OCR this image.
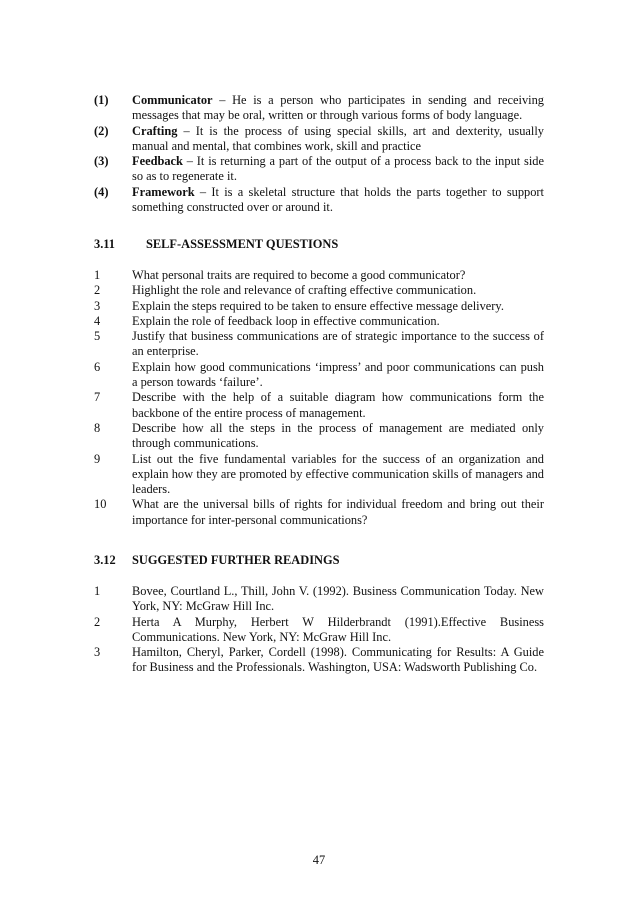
(1)	Communicator – He is a person who participates in sending and receiving messages that may be oral, written or through various forms of body language.
(2)	Crafting – It is the process of using special skills, art and dexterity, usually manual and mental, that combines work, skill and practice
(3)	Feedback – It is returning a part of the output of a process back to the input side so as to regenerate it.
(4)	Framework – It is a skeletal structure that holds the parts together to support something constructed over or around it.
3.11	SELF-ASSESSMENT QUESTIONS
1	What personal traits are required to become a good communicator?
2	Highlight the role and relevance of crafting effective communication.
3	Explain the steps required to be taken to ensure effective message delivery.
4	Explain the role of feedback loop in effective communication.
5	Justify that business communications are of strategic importance to the success of an enterprise.
6	Explain how good communications ‘impress’ and poor communications can push a person towards ‘failure’.
7	Describe with the help of a suitable diagram how communications form the backbone of the entire process of management.
8	Describe how all the steps in the process of management are mediated only through communications.
9	List out the five fundamental variables for the success of an organization and explain how they are promoted by effective communication skills of managers and leaders.
10	What are the universal bills of rights for individual freedom and bring out their importance for inter-personal communications?
3.12	SUGGESTED FURTHER READINGS
1	Bovee, Courtland L., Thill, John V. (1992). Business Communication Today. New York, NY: McGraw Hill Inc.
2	Herta A Murphy, Herbert W Hilderbrandt (1991).Effective Business Communications. New York, NY: McGraw Hill Inc.
3	Hamilton, Cheryl, Parker, Cordell (1998). Communicating for Results: A Guide for Business and the Professionals. Washington, USA: Wadsworth Publishing Co.
47
